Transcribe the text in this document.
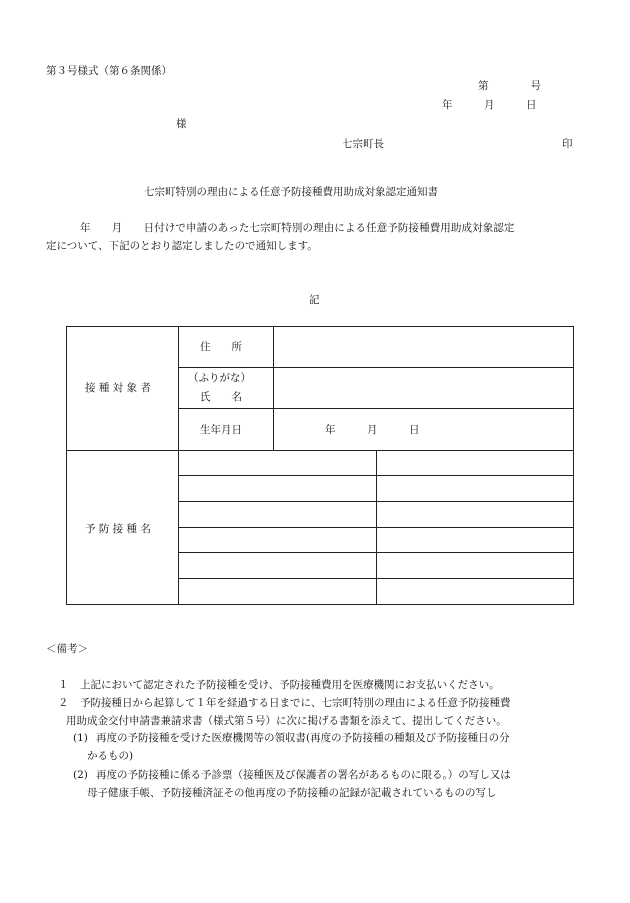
第３号様式（第６条関係）
第　　　　号
年　　　月　　　日
様
七宗町長	印
七宗町特別の理由による任意予防接種費用助成対象認定通知書
年　　月　　日付けで申請のあった七宗町特別の理由による任意予防接種費用助成対象認定
定について、下記のとおり認定しましたので通知します。
記
接 種 対 象 者
住　　所
（ふりがな）
氏　　名
生年月日	年　　　月　　　日
予 防 接 種 名
＜備考＞
１ 上記において認定された予防接種を受け、予防接種費用を医療機関にお支払いください。
２ 予防接種日から起算して１年を経過する日までに、七宗町特別の理由による任意予防接種費
用助成金交付申請書兼請求書（様式第５号）に次に掲げる書類を添えて、提出してください。
(1) 再度の予防接種を受けた医療機関等の領収書(再度の予防接種の種類及び予防接種日の分
かるもの)
(2) 再度の予防接種に係る予診票（接種医及び保護者の署名があるものに限る。）の写し又は
母子健康手帳、予防接種済証その他再度の予防接種の記録が記載されているものの写し
